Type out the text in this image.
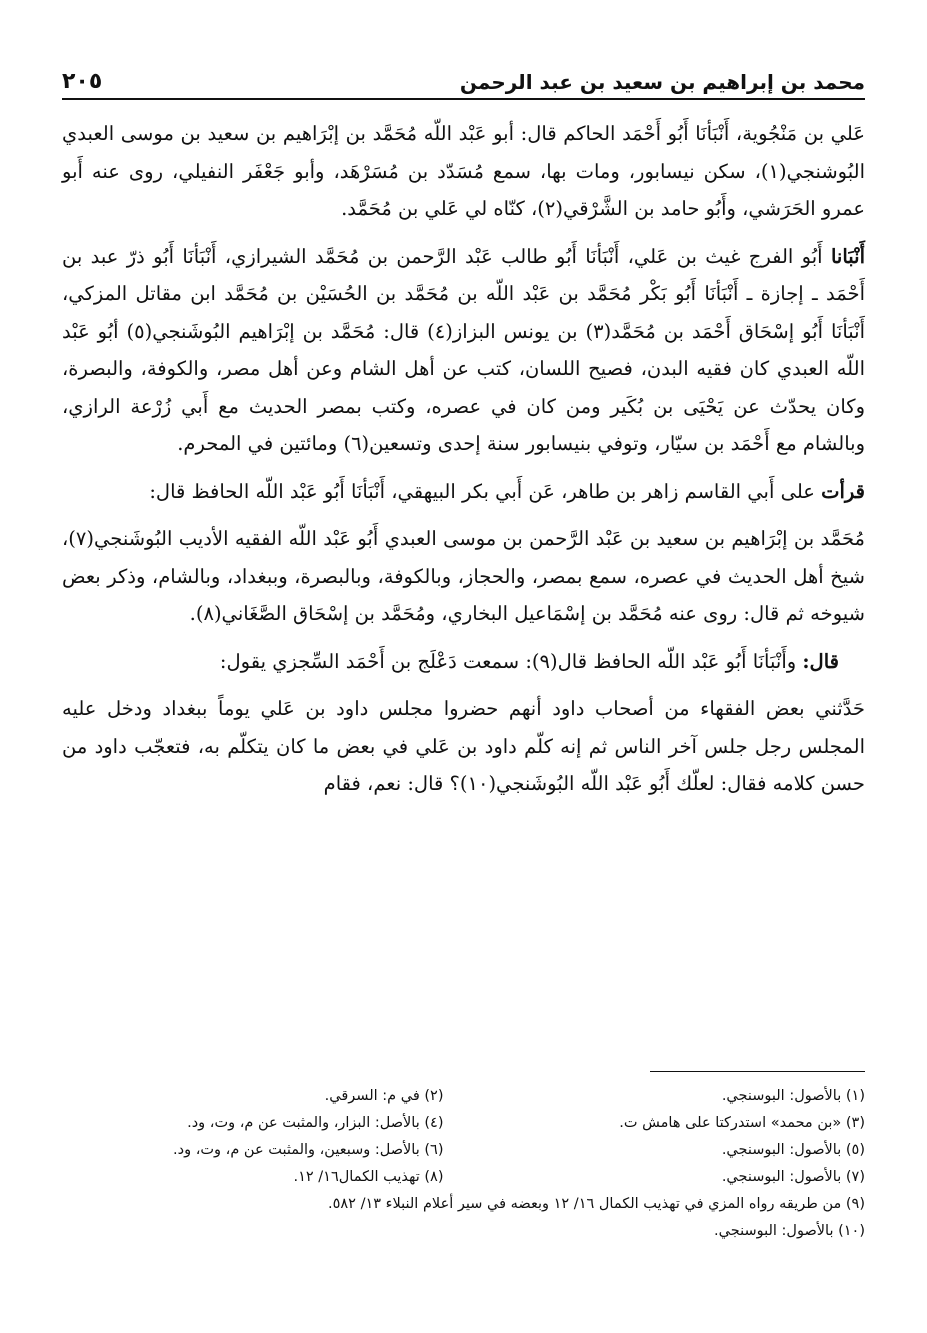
٢٠٥	محمد بن إبراهيم بن سعيد بن عبد الرحمن

عَلي بن مَنْجُوية، أَنْبَأنَا أَبُو أَحْمَد الحاكم قال: أبو عَبْد اللّه مُحَمَّد بن إبْرَاهيم بن سعيد بن موسى العبدي البُوشنجي(١)، سكن نيسابور، ومات بها، سمع مُسَدّد بن مُسَرْهَد، وأبو جَعْفَر النفيلي، روى عنه أَبو عمرو الحَرَشي، وأَبُو حامد بن الشَّرْقي(٢)، كنّاه لي عَلي بن مُحَمَّد.

أَنْبَانا أَبُو الفرج غيث بن عَلي، أَنْبَأنَا أَبُو طالب عَبْد الرَّحمن بن مُحَمَّد الشيرازي، أَنْبَأنَا أَبُو ذرّ عبد بن أَحْمَد ـ إجازة ـ أَنْبَأنَا أَبُو بَكْر مُحَمَّد بن عَبْد اللّه بن مُحَمَّد بن الحُسَيْن بن مُحَمَّد ابن مقاتل المزكي، أَنْبَأنَا أَبُو إسْحَاق أَحْمَد بن مُحَمَّد(٣) بن يونس البزاز(٤) قال: مُحَمَّد بن إبْرَاهيم البُوشَنجي(٥) أبُو عَبْد اللّه العبدي كان فقيه البدن، فصيح اللسان، كتب عن أهل الشام وعن أهل مصر، والكوفة، والبصرة، وكان يحدّث عن يَحْيَى بن بُكَير ومن كان في عصره، وكتب بمصر الحديث مع أَبي زُرْعة الرازي، وبالشام مع أَحْمَد بن سيّار، وتوفي بنيسابور سنة إحدى وتسعين(٦) ومائتين في المحرم.

قرأت على أَبي القاسم زاهر بن طاهر، عَن أَبي بكر البيهقي، أَنْبَأنَا أَبُو عَبْد اللّه الحافظ قال:

مُحَمَّد بن إبْرَاهيم بن سعيد بن عَبْد الرَّحمن بن موسى العبدي أَبُو عَبْد اللّه الفقيه الأديب البُوشَنجي(٧)، شيخ أهل الحديث في عصره، سمع بمصر، والحجاز، وبالكوفة، وبالبصرة، وببغداد، وبالشام، وذكر بعض شيوخه ثم قال: روى عنه مُحَمَّد بن إسْمَاعيل البخاري، ومُحَمَّد بن إسْحَاق الصَّغَاني(٨).

قال: وأَنْبَأنَا أَبُو عَبْد اللّه الحافظ قال(٩): سمعت دَعْلَج بن أَحْمَد السِّجزي يقول:

حَدَّثني بعض الفقهاء من أصحاب داود أنهم حضروا مجلس داود بن عَلي يوماً ببغداد ودخل عليه المجلس رجل جلس آخر الناس ثم إنه كلّم داود بن عَلي في بعض ما كان يتكلّم به، فتعجّب داود من حسن كلامه فقال: لعلّك أَبُو عَبْد اللّه البُوشَنجي(١٠)؟ قال: نعم، فقام

(١) بالأصول: البوسنجي.
(٢) في م: السرقي.
(٣) «بن محمد» استدركتا على هامش ت.
(٤) بالأصل: البزار، والمثبت عن م، وت، ود.
(٥) بالأصول: البوسنجي.
(٦) بالأصل: وسبعين، والمثبت عن م، وت، ود.
(٧) بالأصول: البوسنجي.
(٨) تهذيب الكمال١٦/ ١٢.
(٩) من طريقه رواه المزي في تهذيب الكمال ١٦/ ١٢ وبعضه في سير أعلام النبلاء ١٣/ ٥٨٢.
(١٠) بالأصول: البوسنجي.
